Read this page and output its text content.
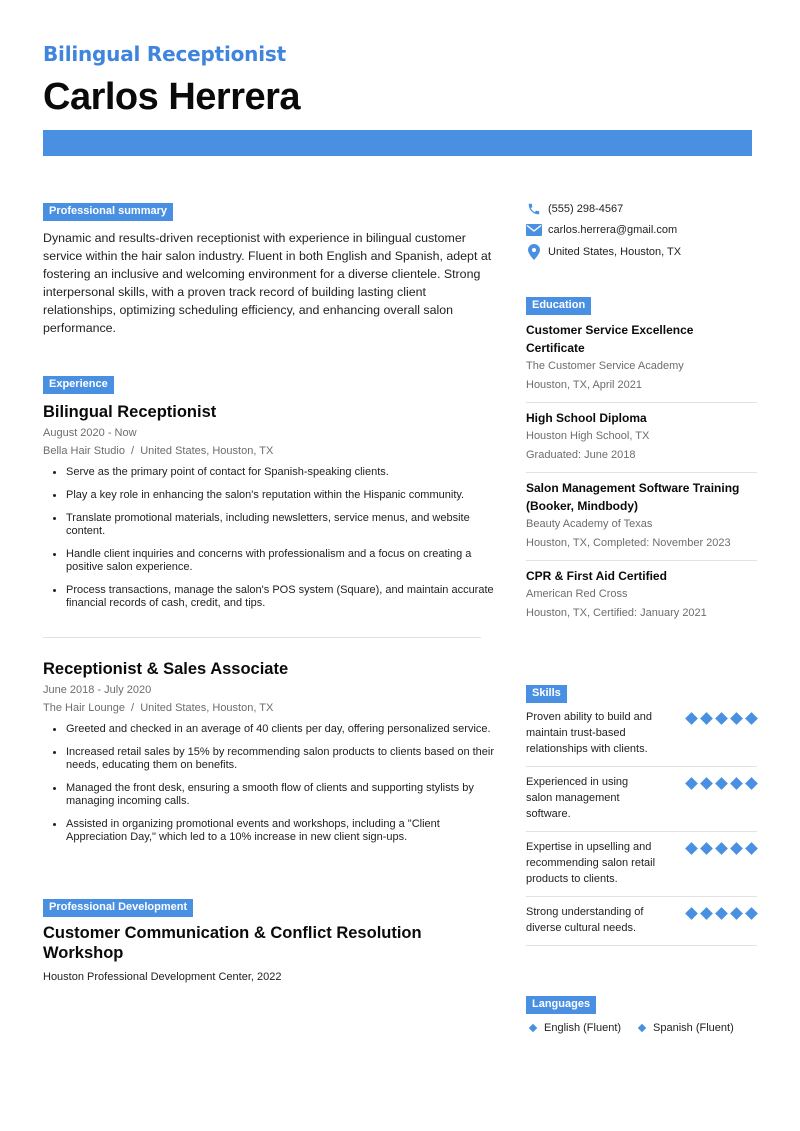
Bilingual Receptionist
Carlos Herrera
Professional summary

Dynamic and results-driven receptionist with experience in bilingual customer service within the hair salon industry. Fluent in both English and Spanish, adept at fostering an inclusive and welcoming environment for a diverse clientele. Strong interpersonal skills, with a proven track record of building lasting client relationships, optimizing scheduling efficiency, and enhancing overall salon performance.

Experience
Bilingual Receptionist
August 2020 - Now
Bella Hair Studio  /  United States, Houston, TX
Serve as the primary point of contact for Spanish-speaking clients.
Play a key role in enhancing the salon's reputation within the Hispanic community.
Translate promotional materials, including newsletters, service menus, and website content.
Handle client inquiries and concerns with professionalism and a focus on creating a positive salon experience.
Process transactions, manage the salon's POS system (Square), and maintain accurate financial records of cash, credit, and tips.
Receptionist & Sales Associate
June 2018 - July 2020
The Hair Lounge  /  United States, Houston, TX
Greeted and checked in an average of 40 clients per day, offering personalized service.
Increased retail sales by 15% by recommending salon products to clients based on their needs, educating them on benefits.
Managed the front desk, ensuring a smooth flow of clients and supporting stylists by managing incoming calls.
Assisted in organizing promotional events and workshops, including a "Client Appreciation Day," which led to a 10% increase in new client sign-ups.
Professional Development
Customer Communication & Conflict Resolution Workshop
Houston Professional Development Center, 2022
(555) 298-4567
carlos.herrera@gmail.com
United States, Houston, TX
Education
Customer Service Excellence Certificate
The Customer Service Academy
Houston, TX, April 2021
High School Diploma
Houston High School, TX
Graduated: June 2018
Salon Management Software Training (Booker, Mindbody)
Beauty Academy of Texas
Houston, TX, Completed: November 2023
CPR & First Aid Certified
American Red Cross
Houston, TX, Certified: January 2021
Skills
Proven ability to build and maintain trust-based relationships with clients.
Experienced in using salon management software.
Expertise in upselling and recommending salon retail products to clients.
Strong understanding of diverse cultural needs.
Languages
English (Fluent)	Spanish (Fluent)
